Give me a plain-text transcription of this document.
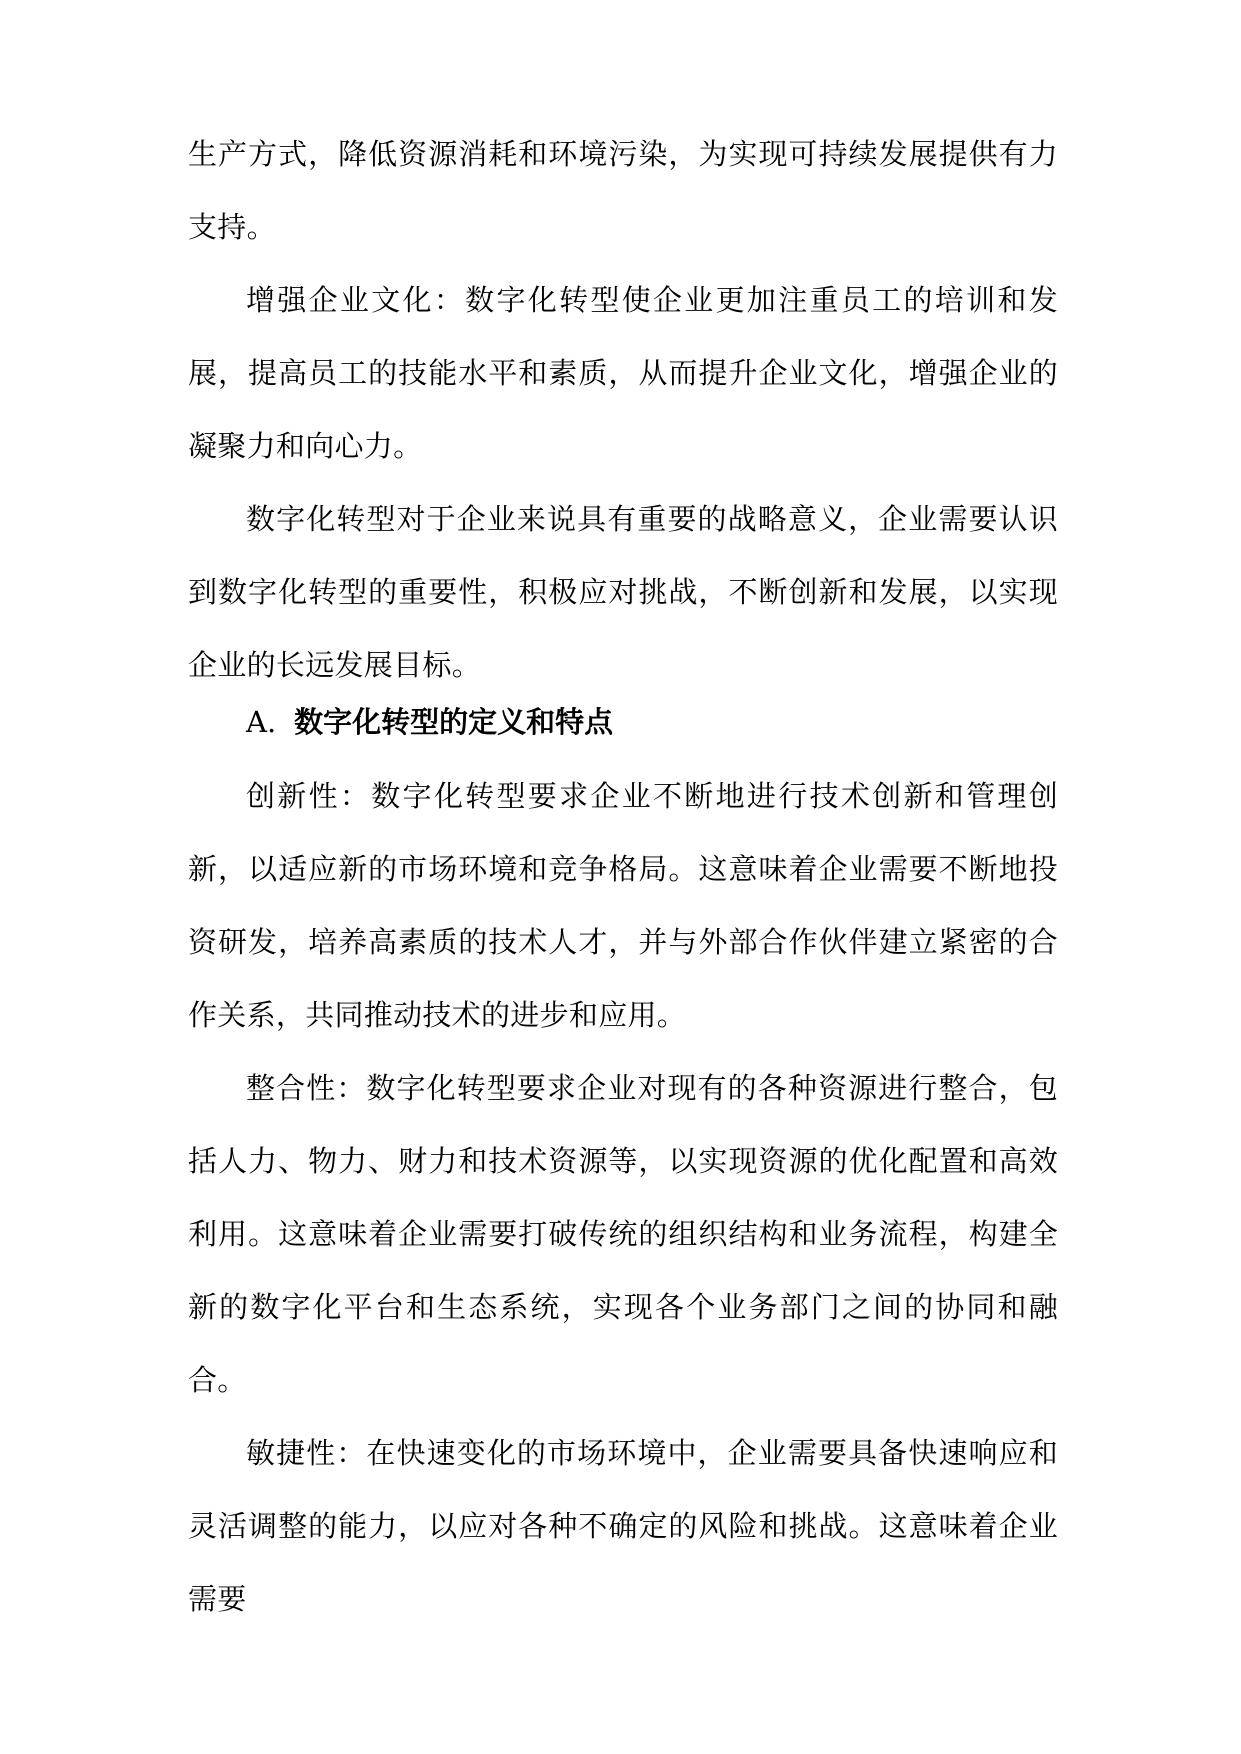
生产方式，降低资源消耗和环境污染，为实现可持续发展提供有力支持。

增强企业文化：数字化转型使企业更加注重员工的培训和发展，提高员工的技能水平和素质，从而提升企业文化，增强企业的凝聚力和向心力。

数字化转型对于企业来说具有重要的战略意义，企业需要认识到数字化转型的重要性，积极应对挑战，不断创新和发展，以实现企业的长远发展目标。

A. 数字化转型的定义和特点

创新性：数字化转型要求企业不断地进行技术创新和管理创新，以适应新的市场环境和竞争格局。这意味着企业需要不断地投资研发，培养高素质的技术人才，并与外部合作伙伴建立紧密的合作关系，共同推动技术的进步和应用。

整合性：数字化转型要求企业对现有的各种资源进行整合，包括人力、物力、财力和技术资源等，以实现资源的优化配置和高效利用。这意味着企业需要打破传统的组织结构和业务流程，构建全新的数字化平台和生态系统，实现各个业务部门之间的协同和融合。

敏捷性：在快速变化的市场环境中，企业需要具备快速响应和灵活调整的能力，以应对各种不确定的风险和挑战。这意味着企业需要
